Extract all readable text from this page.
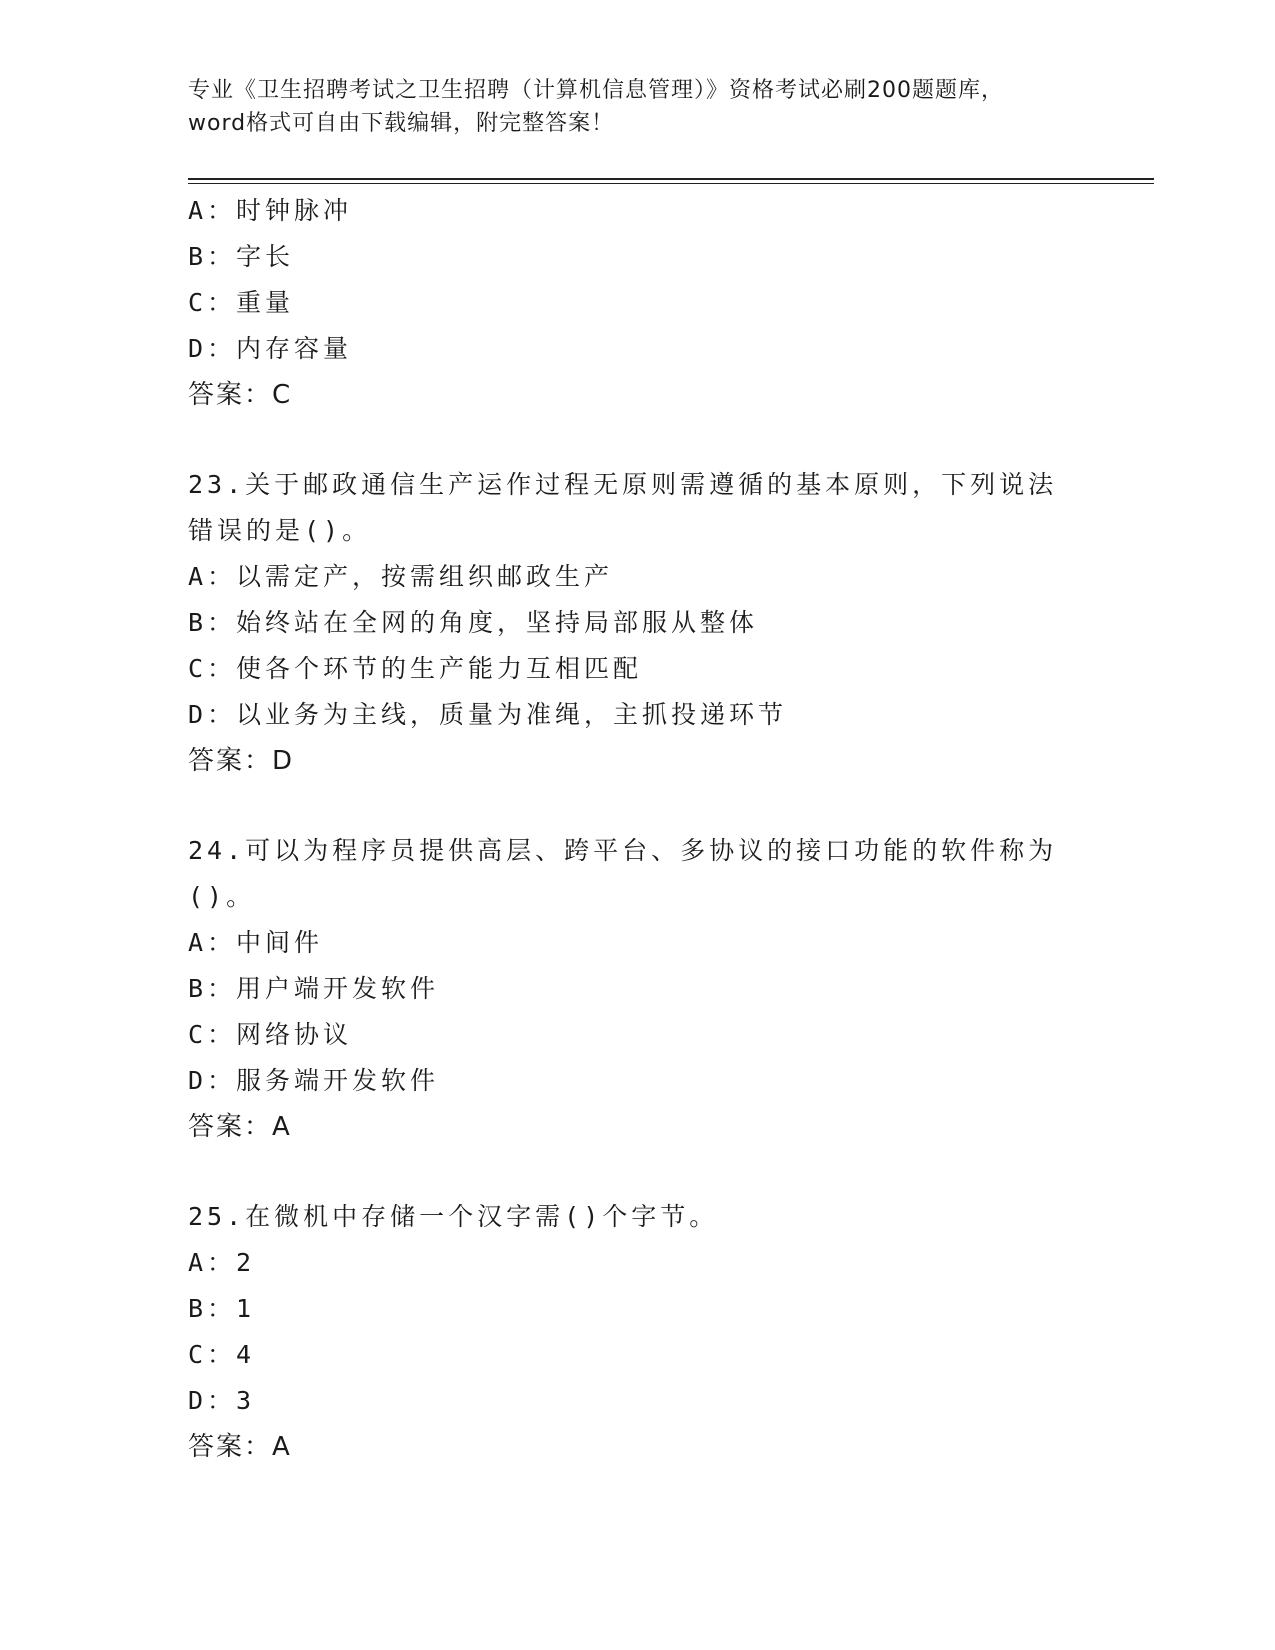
专业《卫生招聘考试之卫生招聘（计算机信息管理）》资格考试必刷200题题库，
word格式可自由下载编辑，附完整答案！
A：时钟脉冲
B：字长
C：重量
D：内存容量
答案：C
23.关于邮政通信生产运作过程无原则需遵循的基本原则，下列说法错误的是()。
A：以需定产，按需组织邮政生产
B：始终站在全网的角度，坚持局部服从整体
C：使各个环节的生产能力互相匹配
D：以业务为主线，质量为准绳，主抓投递环节
答案：D
24.可以为程序员提供高层、跨平台、多协议的接口功能的软件称为()。
A：中间件
B：用户端开发软件
C：网络协议
D：服务端开发软件
答案：A
25.在微机中存储一个汉字需()个字节。
A：2
B：1
C：4
D：3
答案：A
